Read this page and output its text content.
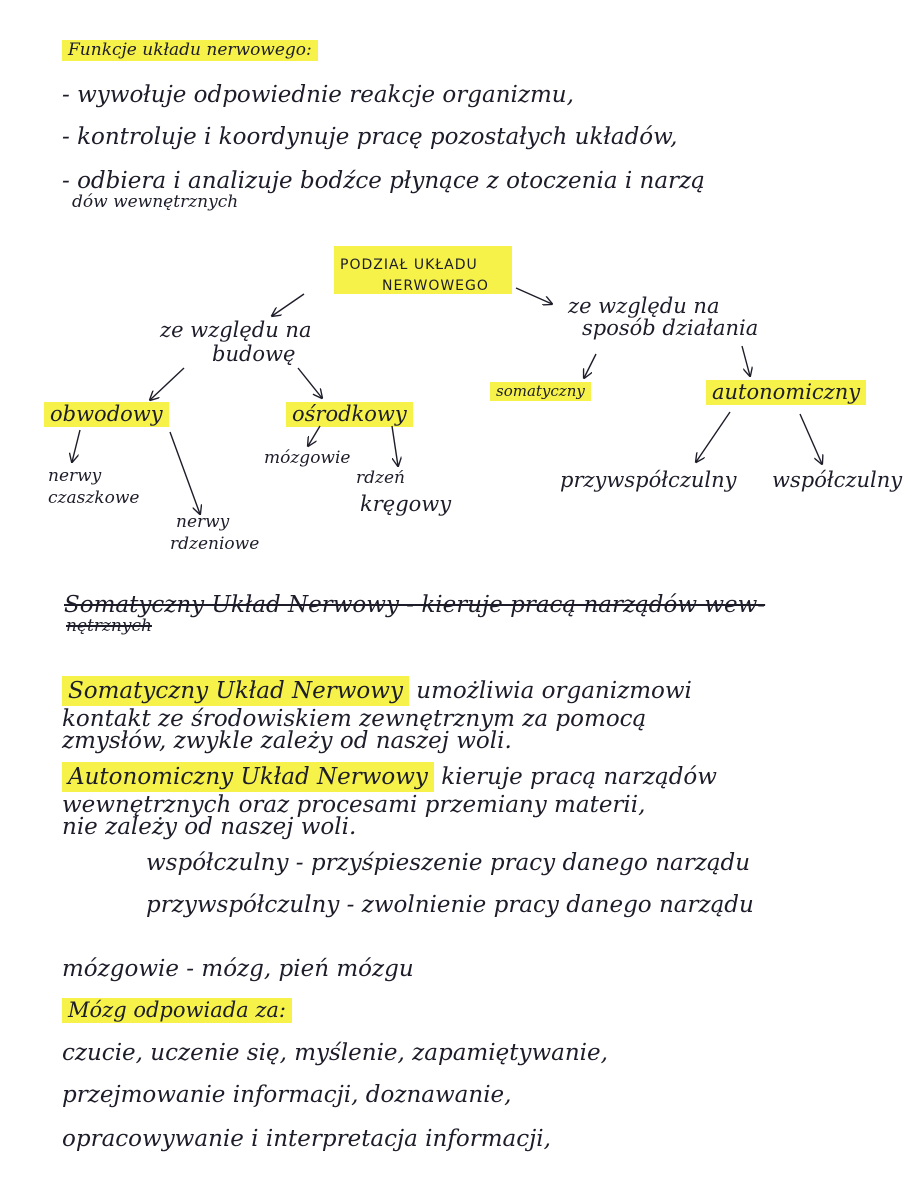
Funkcje układu nerwowego:
- wywołuje odpowiednie reakcje organizmu,
- kontroluje i koordynuje pracę pozostałych układów,
- odbiera i analizuje bodźce płynące z otoczenia i narzą
dów wewnętrznych
PODZIAŁ UKŁADU
NERWOWEGO
ze względu na
budowę
ze względu na
sposób działania
obwodowy	ośrodkowy
somatyczny	autonomiczny
nerwy
czaszkowe
nerwy
rdzeniowe
mózgowie
rdzeń
kręgowy
przywspółczulny współczulny
Somatyczny Układ Nerwowy - kieruje pracą narządów wew-
nętrznych
Somatyczny Układ Nerwowy umożliwia organizmowi
kontakt ze środowiskiem zewnętrznym za pomocą
zmysłów, zwykle zależy od naszej woli.
Autonomiczny Układ Nerwowy kieruje pracą narządów
wewnętrznych oraz procesami przemiany materii,
nie zależy od naszej woli.
współczulny - przyśpieszenie pracy danego narządu
przywspółczulny - zwolnienie pracy danego narządu
mózgowie - mózg, pień mózgu
Mózg odpowiada za:
czucie, uczenie się, myślenie, zapamiętywanie,
przejmowanie informacji, doznawanie,
opracowywanie i interpretacja informacji,
